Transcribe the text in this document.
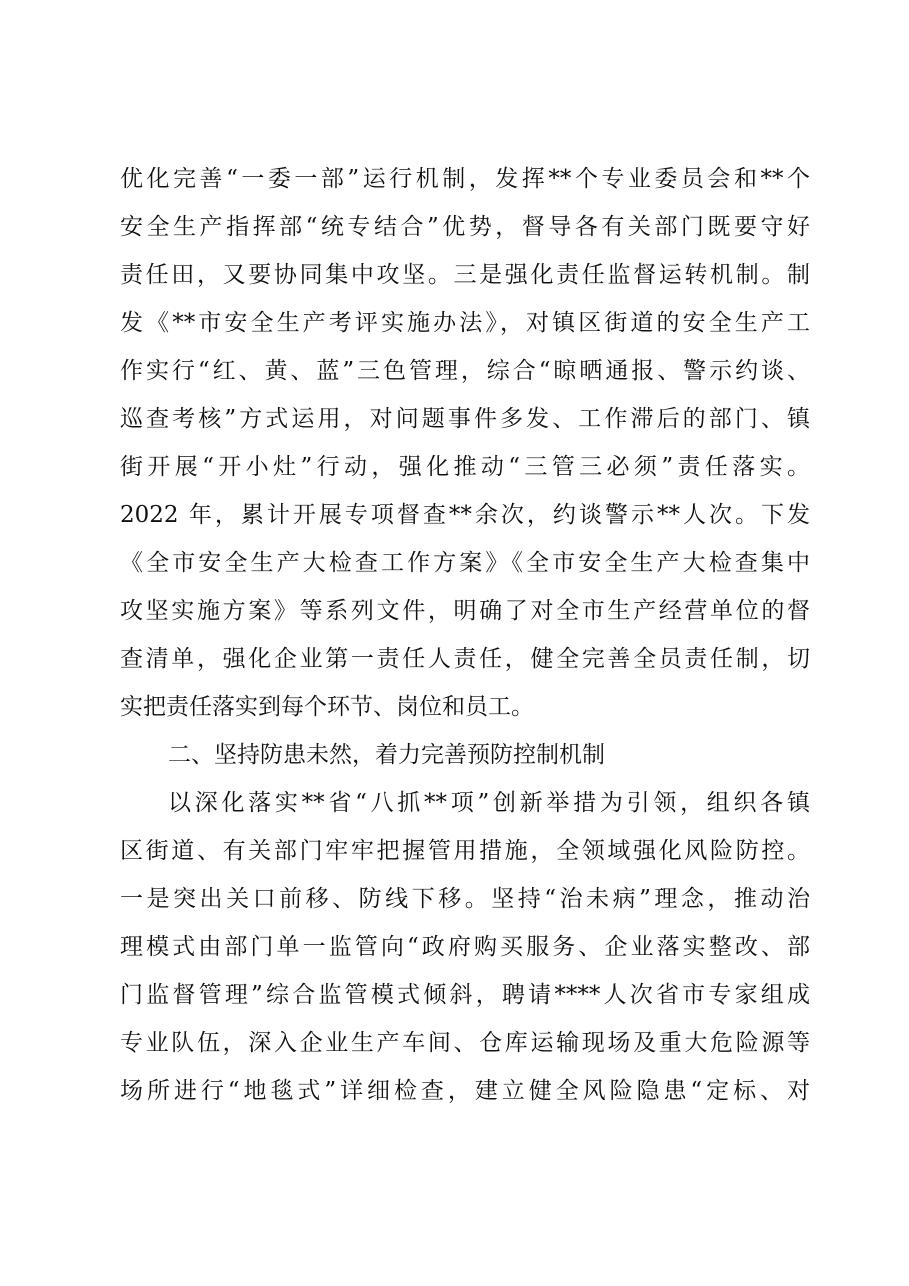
优化完善“一委一部”运行机制，发挥**个专业委员会和**个
安全生产指挥部“统专结合”优势，督导各有关部门既要守好
责任田，又要协同集中攻坚。三是强化责任监督运转机制。制
发《**市安全生产考评实施办法》，对镇区街道的安全生产工
作实行“红、黄、蓝”三色管理，综合“晾晒通报、警示约谈、
巡查考核”方式运用，对问题事件多发、工作滞后的部门、镇
街开展“开小灶”行动，强化推动“三管三必须”责任落实。
2022 年，累计开展专项督查**余次，约谈警示**人次。下发
《全市安全生产大检查工作方案》《全市安全生产大检查集中
攻坚实施方案》等系列文件，明确了对全市生产经营单位的督
查清单，强化企业第一责任人责任，健全完善全员责任制，切
实把责任落实到每个环节、岗位和员工。
二、坚持防患未然，着力完善预防控制机制
以深化落实**省“八抓**项”创新举措为引领，组织各镇
区街道、有关部门牢牢把握管用措施，全领域强化风险防控。
一是突出关口前移、防线下移。坚持“治未病”理念，推动治
理模式由部门单一监管向“政府购买服务、企业落实整改、部
门监督管理”综合监管模式倾斜，聘请****人次省市专家组成
专业队伍，深入企业生产车间、仓库运输现场及重大危险源等
场所进行“地毯式”详细检查，建立健全风险隐患“定标、对
